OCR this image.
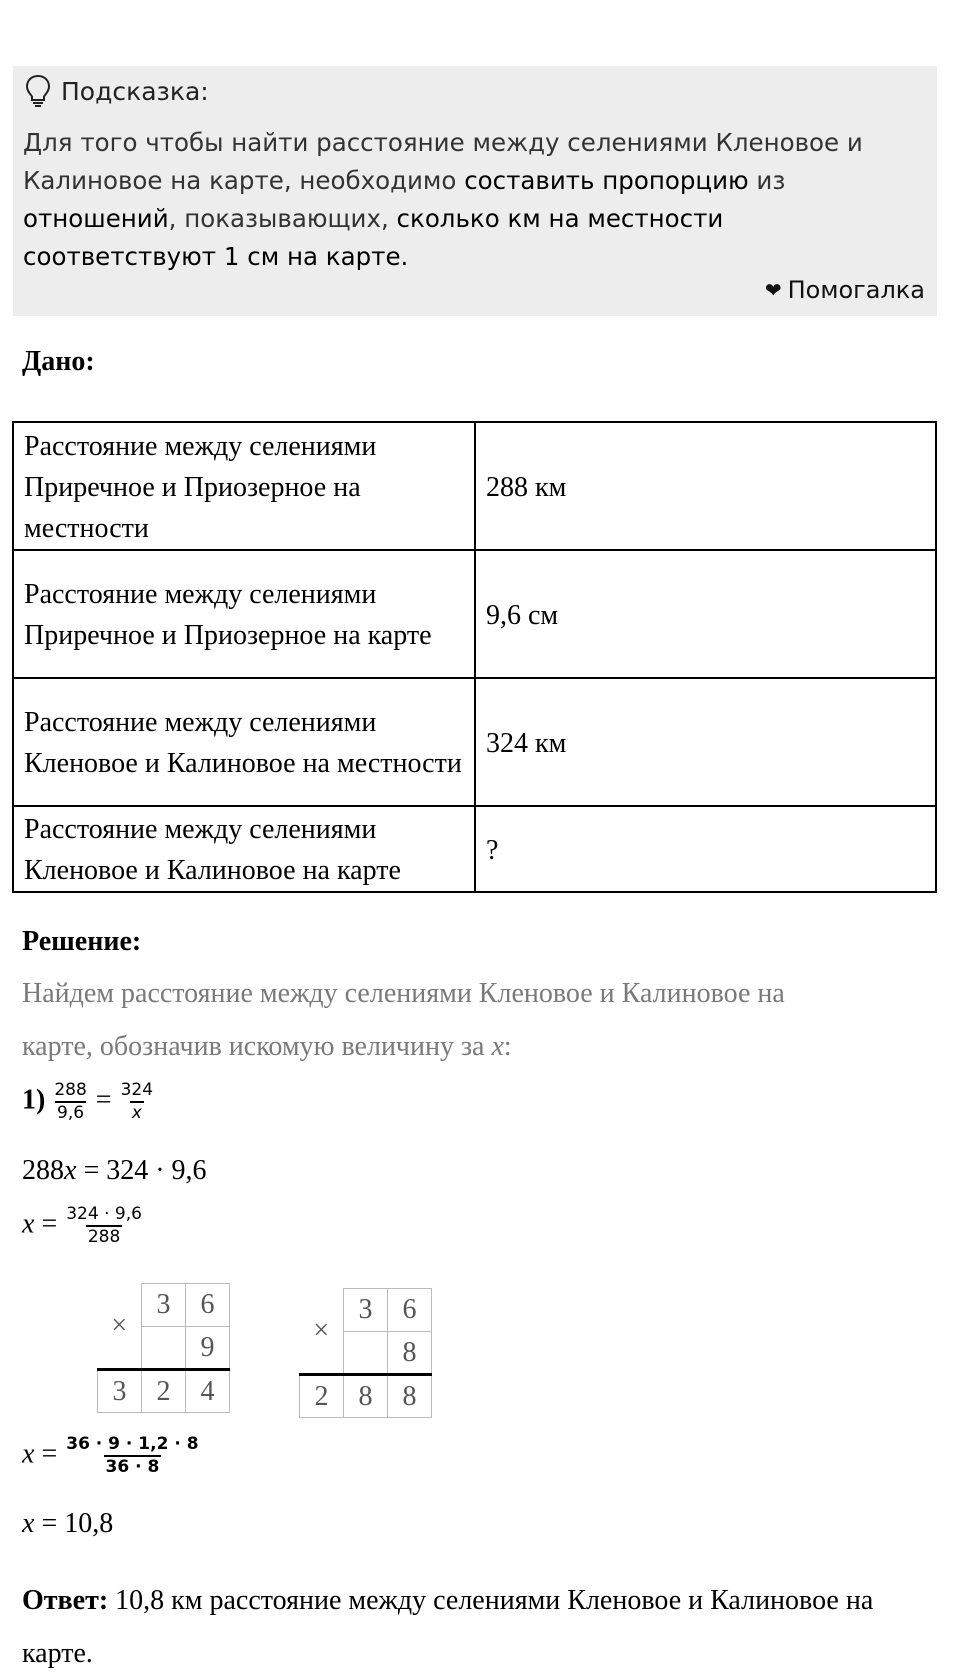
Подсказка:
Для того чтобы найти расстояние между селениями Кленовое и Калиновое на карте, необходимо составить пропорцию из отношений, показывающих, сколько км на местности соответствуют 1 см на карте.
❤ Помогалка
Дано:
Расстояние между селениями Приречное и Приозерное на местности	288 км
Расстояние между селениями Приречное и Приозерное на карте	9,6 см
Расстояние между селениями Кленовое и Калиновое на местности	324 км
Расстояние между селениями Кленовое и Калиновое на карте	?
Решение:
Найдем расстояние между селениями Кленовое и Калиновое на
карте, обозначив искомую величину за x:
$1) \frac{288}{9,6} = \frac{324}{x}$
288x = 324 · 9,6
$x = \frac{324 \cdot 9,6}{288}$
×	3	6
		9
3	2	4
×	3	6
		8
2	8	8
$x = \frac{36 \cdot 9 \cdot 1,2 \cdot 8}{36 \cdot 8}$
x = 10,8
Ответ: 10,8 км расстояние между селениями Кленовое и Калиновое на карте.
